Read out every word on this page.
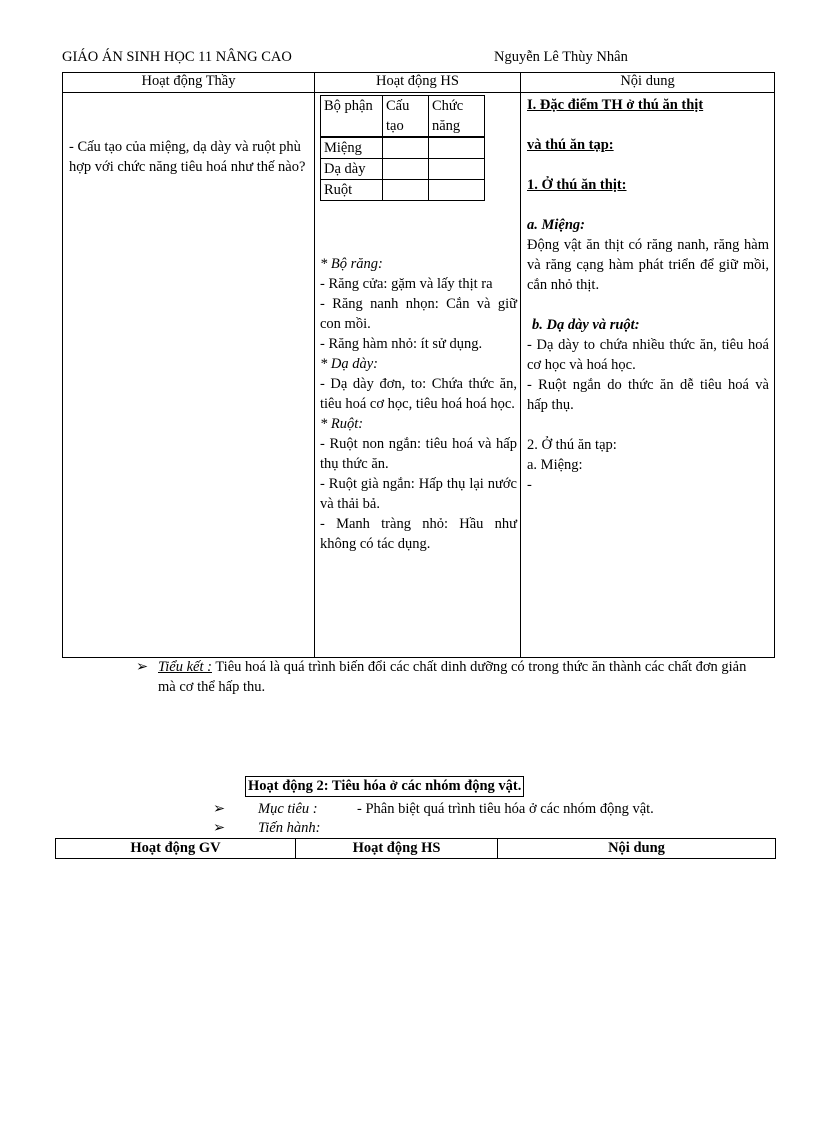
GIÁO ÁN SINH HỌC 11 NÂNG CAO	Nguyễn Lê Thùy Nhân
Hoạt động Thầy	Hoạt động HS	Nội dung

- Cấu tạo của miệng, dạ dày và ruột phù hợp với chức năng tiêu hoá như thế nào?

Bộ phận	Cấu tạo	Chức năng

Miệng		
Dạ dày		
Ruột		
* Bộ răng:
- Răng cửa: gặm và lấy thịt ra
- Răng nanh nhọn: Cắn và giữ con mồi.
- Răng hàm nhỏ: ít sử dụng.
* Dạ dày:
- Dạ dày đơn, to: Chứa thức ăn, tiêu hoá cơ học, tiêu hoá hoá học.
* Ruột:
- Ruột non ngắn: tiêu hoá và hấp thụ thức ăn.
- Ruột già ngắn: Hấp thụ lại nước và thải bả.
- Manh tràng nhỏ: Hầu như không có tác dụng.

I. Đặc điểm TH ở thú ăn thịt
và thú ăn tạp:
1. Ở thú ăn thịt:
a. Miệng:
Động vật ăn thịt có răng nanh, răng hàm và răng cạng hàm phát triển để giữ mồi, cắn nhỏ thịt.
b. Dạ dày và ruột:
- Dạ dày to chứa nhiều thức ăn, tiêu hoá cơ học và hoá học.
- Ruột ngắn do thức ăn dễ tiêu hoá và hấp thụ.
2. Ở thú ăn tạp:
a. Miệng:
-
➢ Tiểu kết : Tiêu hoá là quá trình biến đổi các chất dinh dưỡng có trong thức ăn thành các chất đơn giản mà cơ thể hấp thu.
Hoạt động 2: Tiêu hóa ở các nhóm động vật.
➢ Mục tiêu :	- Phân biệt quá trình tiêu hóa ở các nhóm động vật.
➢ Tiến hành:
Hoạt động GV	Hoạt động HS	Nội dung
